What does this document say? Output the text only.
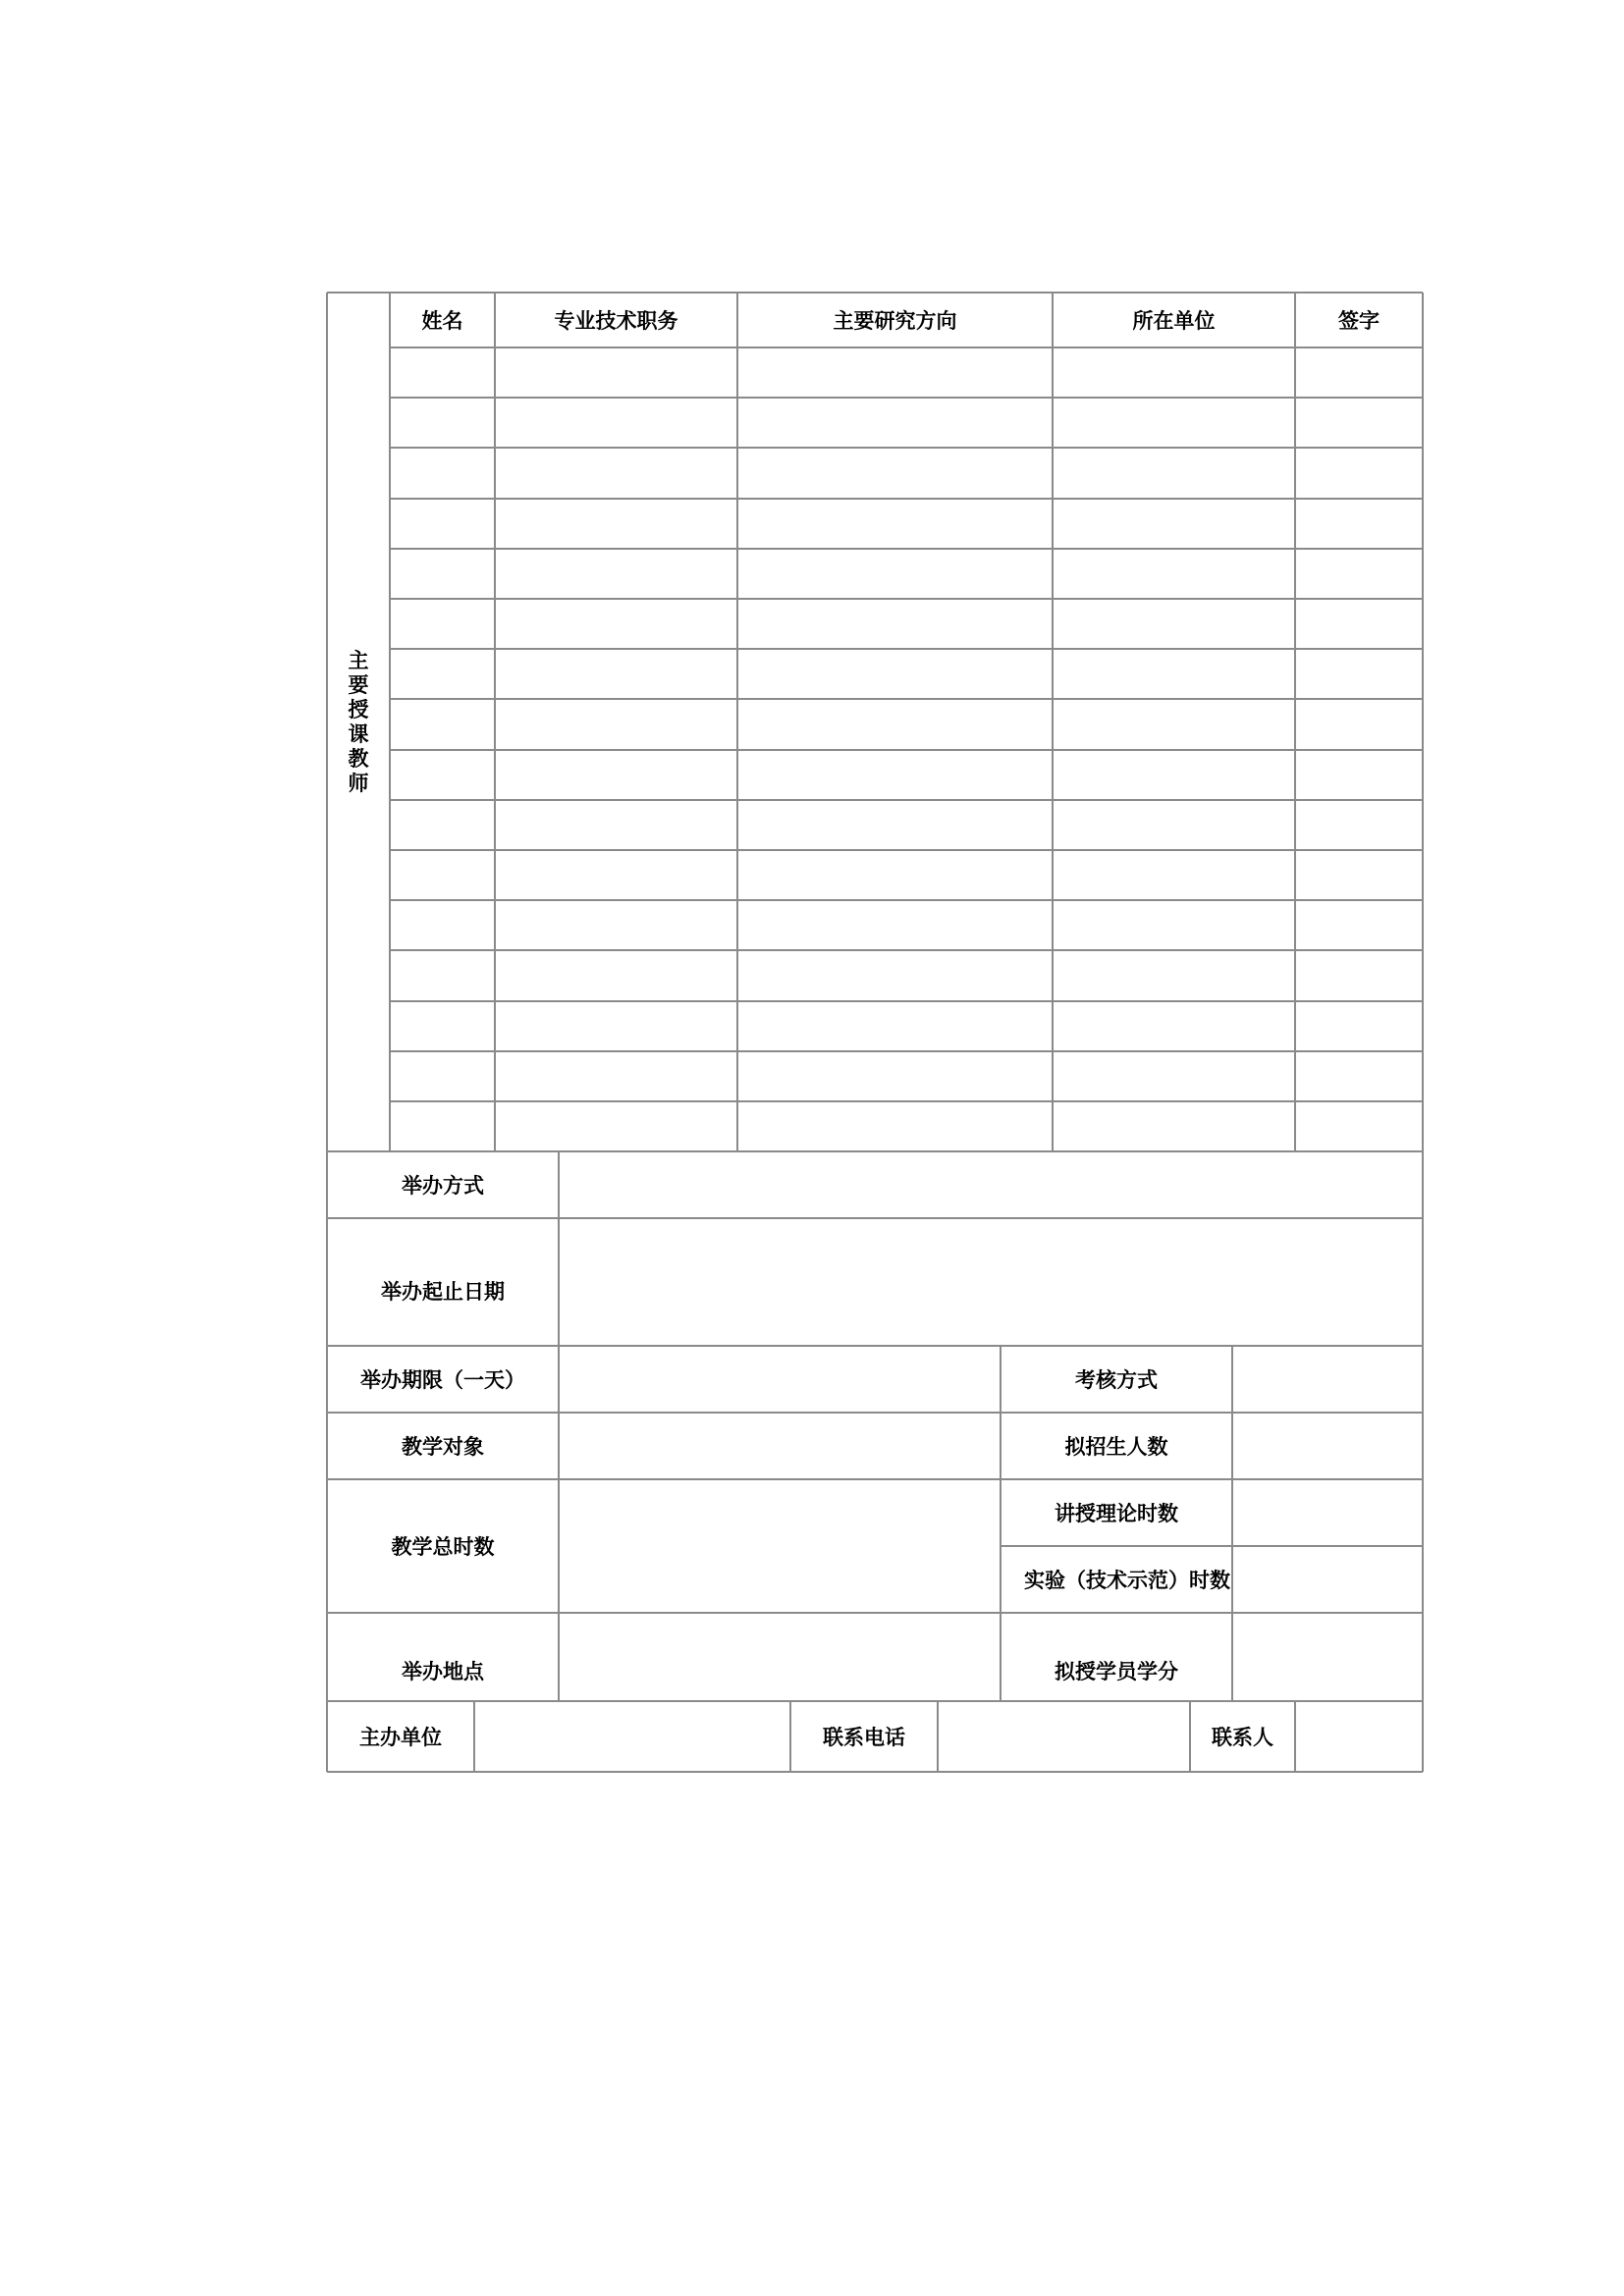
主
要
授
课
教
师
姓名	专业技术职务	主要研究方向	所在单位	签字
举办方式
举办起止日期
举办期限（一天）	考核方式
教学对象	拟招生人数
教学总时数
讲授理论时数
实验（技术示范）时数
举办地点	拟授学员学分
主办单位	联系电话	联系人
